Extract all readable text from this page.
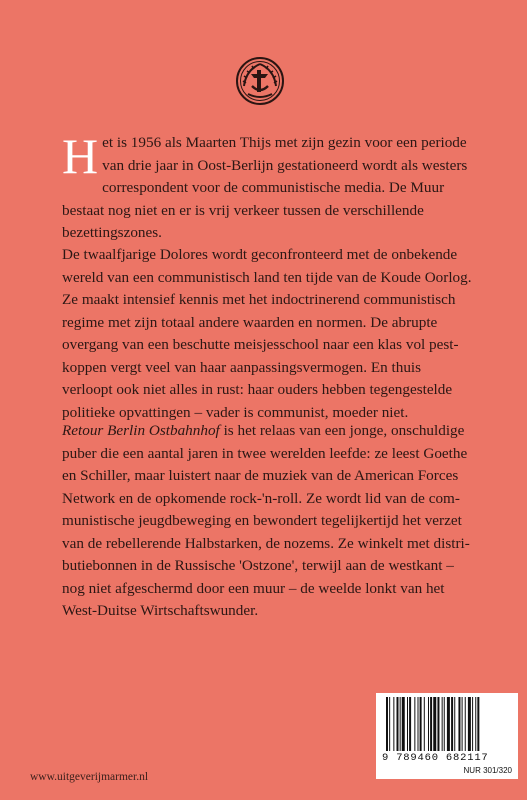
Het is 1956 als Maarten Thijs met zijn gezin voor een periode van drie jaar in Oost-Berlijn gestationeerd wordt als westers correspondent voor de communistische media. De Muur bestaat nog niet en er is vrij verkeer tussen de verschillende bezettingszones.

De twaalfjarige Dolores wordt geconfronteerd met de onbekende wereld van een communistisch land ten tijde van de Koude Oorlog. Ze maakt intensief kennis met het indoctrinerend communistisch regime met zijn totaal andere waarden en normen. De abrupte overgang van een beschutte meisjesschool naar een klas vol pest-koppen vergt veel van haar aanpassingsvermogen. En thuis verloopt ook niet alles in rust: haar ouders hebben tegengestelde politieke opvattingen – vader is communist, moeder niet.

Retour Berlin Ostbahnhof is het relaas van een jonge, onschuldige puber die een aantal jaren in twee werelden leefde: ze leest Goethe en Schiller, maar luistert naar de muziek van de American Forces Network en de opkomende rock-'n-roll. Ze wordt lid van de com-munistische jeugdbeweging en bewondert tegelijkertijd het verzet van de rebellerende Halbstarken, de nozems. Ze winkelt met distri-butiebonnen in de Russische 'Ostzone', terwijl aan de westkant – nog niet afgeschermd door een muur – de weelde lonkt van het West-Duitse Wirtschaftswunder.

9 789460 682117
NUR 301/320
www.uitgeverijmarmer.nl
